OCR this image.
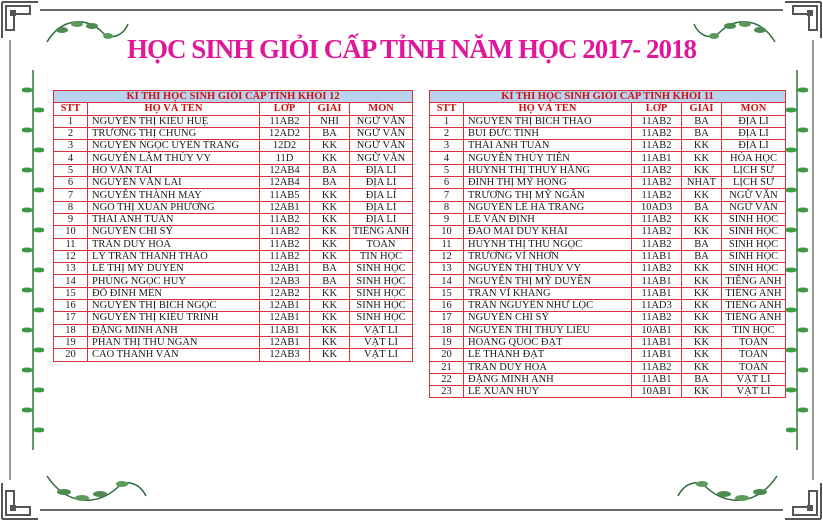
HỌC SINH GIỎI CẤP TỈNH NĂM HỌC 2017- 2018
KÌ THI HỌC SINH GIỎI CẤP TỈNH KHỐI 12				
STT	HỌ VÀ TÊN	LỚP	GIẢI	MÔN
1	NGUYỄN THỊ KIỀU HUỆ	11AB2	NHÌ	NGỮ VĂN
2	TRƯƠNG THỊ CHUNG	12AD2	BA	NGỮ VĂN
3	NGUYỄN NGỌC UYÊN TRANG	12D2	KK	NGỮ VĂN
4	NGUYỄN LÂM THÚY VY	11D	KK	NGỮ VĂN
5	HỒ VĂN TÀI	12AB4	BA	ĐỊA LÍ
6	NGUYỄN VĂN LAI	12AB4	BA	ĐỊA LÍ
7	NGUYỄN THÀNH MAY	11AB5	KK	ĐỊA LÍ
8	NGÔ THỊ XUÂN PHƯƠNG	12AB1	KK	ĐỊA LÍ
9	THÁI ANH TUẤN	11AB2	KK	ĐỊA LÍ
10	NGUYỄN CHÍ SỸ	11AB2	KK	TIẾNG ANH
11	TRẦN DUY HÒA	11AB2	KK	TOÁN
12	LÝ TRẦN THANH THẢO	11AB2	KK	TIN HỌC
13	LÊ THỊ MỸ DUYÊN	12AB1	BA	SINH HỌC
14	PHÙNG NGỌC HUY	12AB3	BA	SINH HỌC
15	ĐỖ ĐÌNH MẾN	12AB2	KK	SINH HỌC
16	NGUYỄN THỊ BÍCH NGỌC	12AB1	KK	SINH HỌC
17	NGUYỄN THỊ KIỀU TRINH	12AB1	KK	SINH HỌC
18	ĐẶNG MINH ANH	11AB1	KK	VẬT LÍ
19	PHAN THỊ THU NGÂN	12AB1	KK	VẬT LÍ
20	CAO THANH VÂN	12AB3	KK	VẬT LÍ
KÌ THI HỌC SINH GIỎI CẤP TỈNH KHỐI 11				
STT	HỌ VÀ TÊN	LỚP	GIẢI	MÔN
1	NGUYỄN THỊ BÍCH THẢO	11AB2	BA	ĐỊA LÍ
2	BÙI ĐỨC TÍNH	11AB2	BA	ĐỊA LÍ
3	THÁI ANH TUẤN	11AB2	KK	ĐỊA LÍ
4	NGUYỄN THÚY TIÊN	11AB1	KK	HÓA HỌC
5	HUỲNH THỊ THÚY HẰNG	11AB2	KK	LỊCH SỬ
6	ĐINH THỊ MỸ HỒNG	11AB2	NHẤT	LỊCH SỬ
7	TRƯƠNG THỊ MỸ NGÂN	11AB2	KK	NGỮ VĂN
8	NGUYỄN LÊ HÀ TRANG	10AD3	BA	NGỮ VĂN
9	LÊ VĂN ĐỊNH	11AB2	KK	SINH HỌC
10	ĐÀO MAI DUY KHẢI	11AB2	KK	SINH HỌC
11	HUỲNH THỊ THU NGỌC	11AB2	BA	SINH HỌC
12	TRƯƠNG VĨ NHƠN	11AB1	BA	SINH HỌC
13	NGUYỄN THỊ THÚY VY	11AB2	KK	SINH HỌC
14	NGUYỄN THỊ MỸ DUYÊN	11AB1	KK	TIẾNG ANH
15	TRẦN VĨ KHANG	11AB1	KK	TIẾNG ANH
16	TRẦN NGUYỄN NHƯ LỘC	11AD3	KK	TIẾNG ANH
17	NGUYỄN CHÍ SỸ	11AB2	KK	TIẾNG ANH
18	NGUYỄN THỊ THÙY LIỄU	10AB1	KK	TIN HỌC
19	HOÀNG QUỐC ĐẠT	11AB1	KK	TOÁN
20	LÊ THÀNH ĐẠT	11AB1	KK	TOÁN
21	TRẦN DUY HÒA	11AB2	KK	TOÁN
22	ĐẶNG MINH ANH	11AB1	BA	VẬT LÍ
23	LÊ XUÂN HUY	10AB1	KK	VẬT LÍ
